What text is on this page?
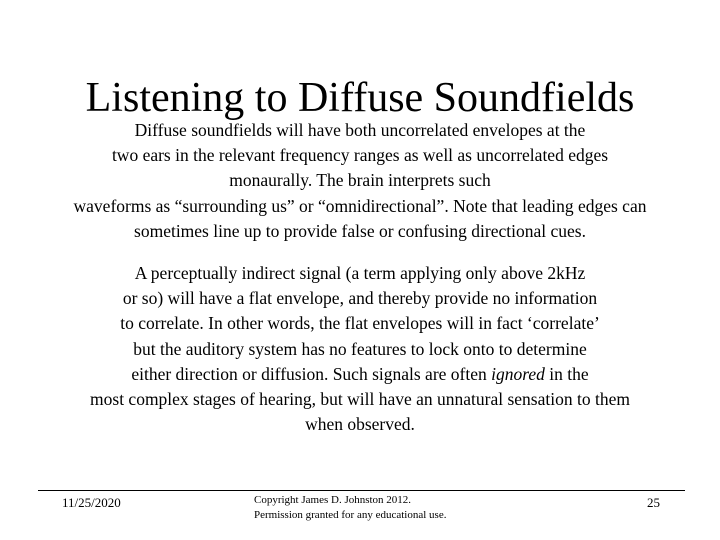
Listening to Diffuse Soundfields
Diffuse soundfields will have both uncorrelated envelopes at the
two ears in the relevant frequency ranges as well as uncorrelated edges
monaurally. The brain interprets such
waveforms as “surrounding us” or “omnidirectional”. Note that leading edges can
sometimes line up to provide false or confusing directional cues.
A perceptually indirect signal (a term applying only above 2kHz
or so) will have a flat envelope, and thereby provide no information
to correlate. In other words, the flat envelopes will in fact ‘correlate’
but the auditory system has no features to lock onto to determine
either direction or diffusion. Such signals are often ignored in the
most complex stages of hearing, but will have an unnatural sensation to them
when observed.
11/25/2020	Copyright James D. Johnston 2012.
Permission granted for any educational use.
25
